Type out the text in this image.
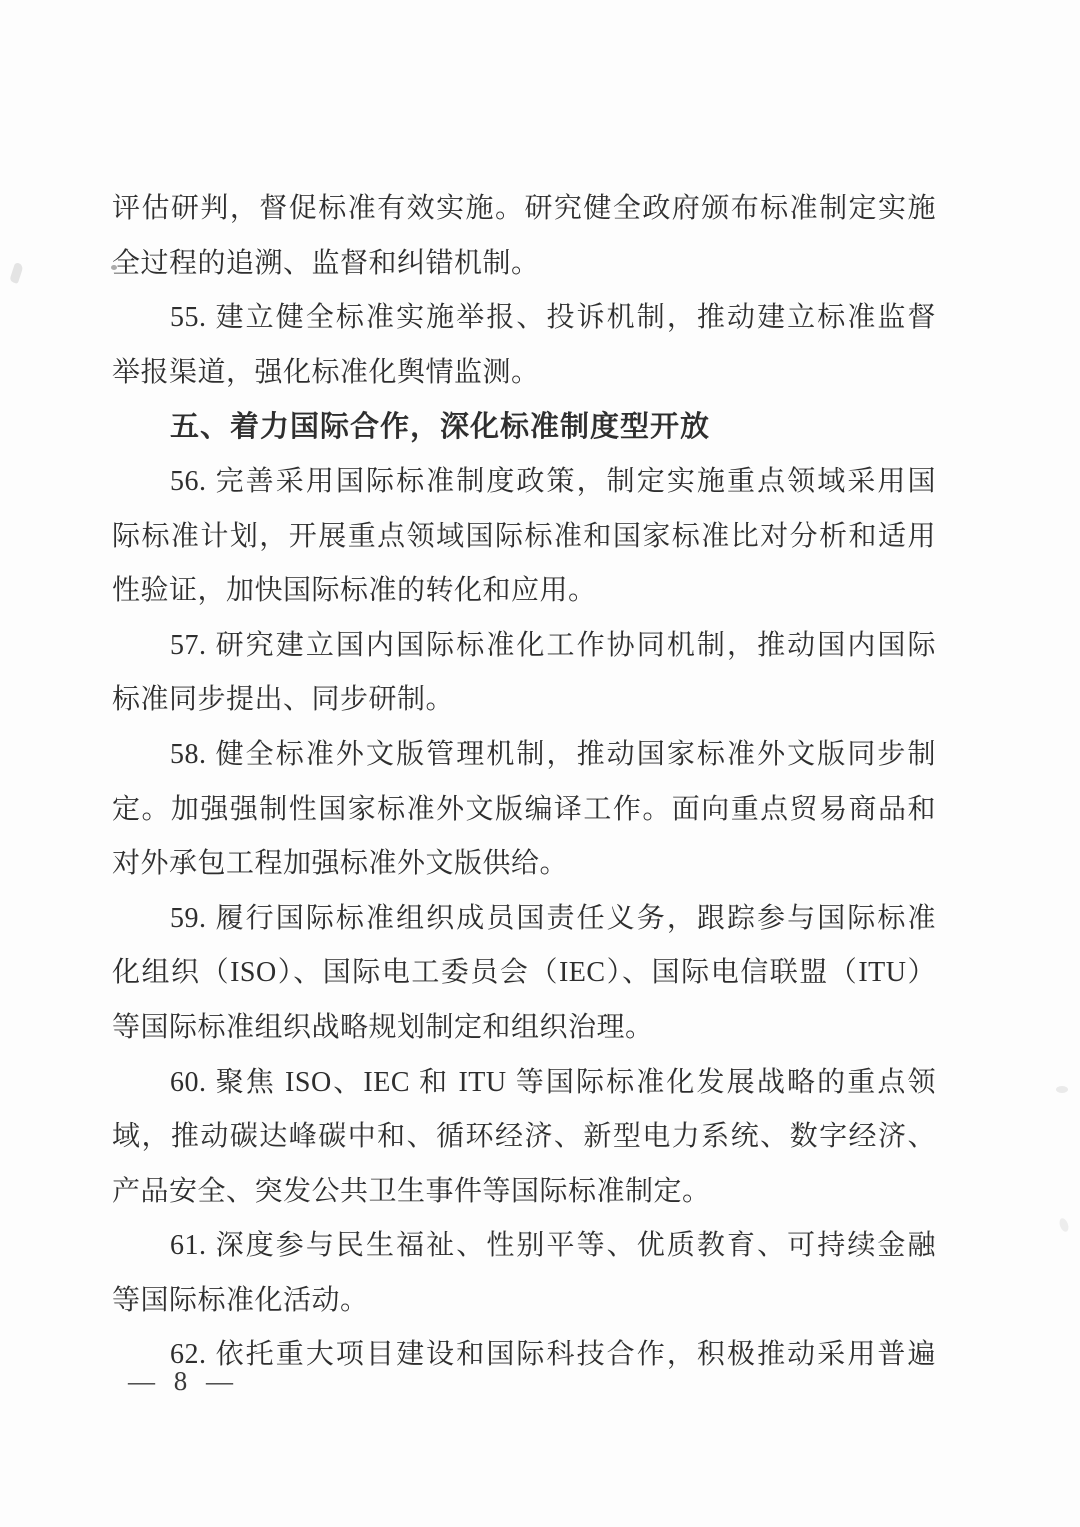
评估研判，督促标准有效实施。研究健全政府颁布标准制定实施
全过程的追溯、监督和纠错机制。
55. 建立健全标准实施举报、投诉机制，推动建立标准监督
举报渠道，强化标准化舆情监测。
五、着力国际合作，深化标准制度型开放
56. 完善采用国际标准制度政策，制定实施重点领域采用国
际标准计划，开展重点领域国际标准和国家标准比对分析和适用
性验证，加快国际标准的转化和应用。
57. 研究建立国内国际标准化工作协同机制，推动国内国际
标准同步提出、同步研制。
58. 健全标准外文版管理机制，推动国家标准外文版同步制
定。加强强制性国家标准外文版编译工作。面向重点贸易商品和
对外承包工程加强标准外文版供给。
59. 履行国际标准组织成员国责任义务，跟踪参与国际标准
化组织（ISO）、国际电工委员会（IEC）、国际电信联盟（ITU）
等国际标准组织战略规划制定和组织治理。
60. 聚焦 ISO、IEC 和 ITU 等国际标准化发展战略的重点领
域，推动碳达峰碳中和、循环经济、新型电力系统、数字经济、
产品安全、突发公共卫生事件等国际标准制定。
61. 深度参与民生福祉、性别平等、优质教育、可持续金融
等国际标准化活动。
62. 依托重大项目建设和国际科技合作，积极推动采用普遍
— 8 —
